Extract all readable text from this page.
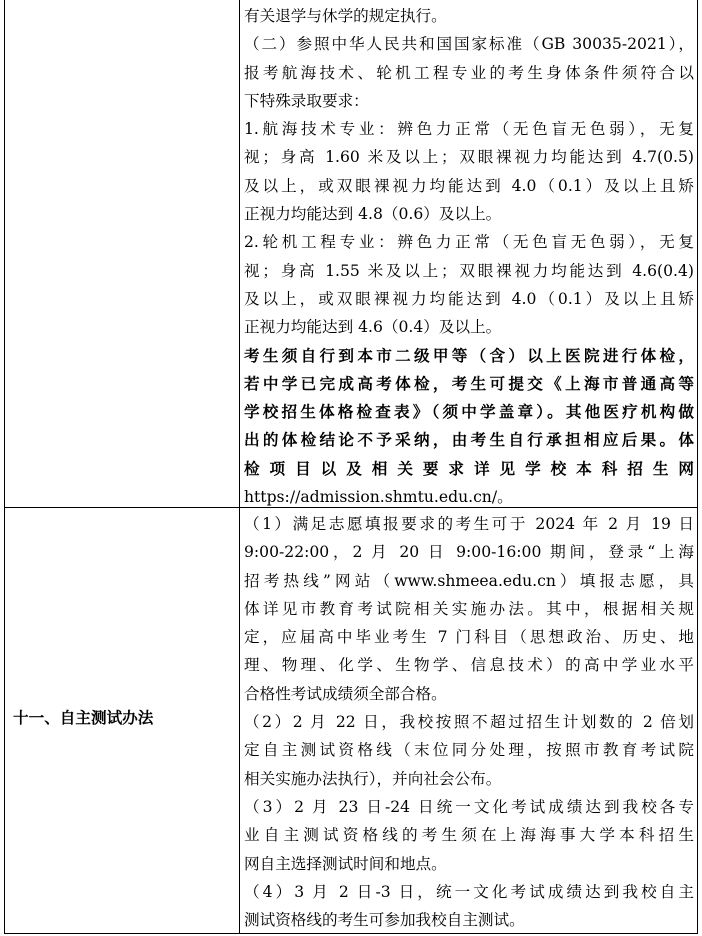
有关退学与休学的规定执行。
（二）参照中华人民共和国国家标准（GB 30035-2021），
报考航海技术、轮机工程专业的考生身体条件须符合以
下特殊录取要求：
1.航海技术专业：辨色力正常（无色盲无色弱），无复
视；身高 1.60 米及以上；双眼裸视力均能达到 4.7(0.5)
及以上，或双眼裸视力均能达到 4.0（0.1）及以上且矫
正视力均能达到 4.8（0.6）及以上。
2.轮机工程专业：辨色力正常（无色盲无色弱），无复
视；身高 1.55 米及以上；双眼裸视力均能达到 4.6(0.4)
及以上，或双眼裸视力均能达到 4.0（0.1）及以上且矫
正视力均能达到 4.6（0.4）及以上。
考生须自行到本市二级甲等（含）以上医院进行体检，
若中学已完成高考体检，考生可提交《上海市普通高等
学校招生体格检查表》（须中学盖章）。其他医疗机构做
出的体检结论不予采纳，由考生自行承担相应后果。体
检项目以及相关要求详见学校本科招生网
https://admission.shmtu.edu.cn/。
十一、自主测试办法
（1）满足志愿填报要求的考生可于 2024 年 2 月 19 日
9:00-22:00，2 月 20 日 9:00-16:00 期间，登录“上海
招考热线”网站（www.shmeea.edu.cn）填报志愿，具
体详见市教育考试院相关实施办法。其中，根据相关规
定，应届高中毕业考生 7 门科目（思想政治、历史、地
理、物理、化学、生物学、信息技术）的高中学业水平
合格性考试成绩须全部合格。
（2）2 月 22 日，我校按照不超过招生计划数的 2 倍划
定自主测试资格线（末位同分处理，按照市教育考试院
相关实施办法执行），并向社会公布。
（3）2 月 23 日-24 日统一文化考试成绩达到我校各专
业自主测试资格线的考生须在上海海事大学本科招生
网自主选择测试时间和地点。
（4）3 月 2 日-3 日，统一文化考试成绩达到我校自主
测试资格线的考生可参加我校自主测试。
